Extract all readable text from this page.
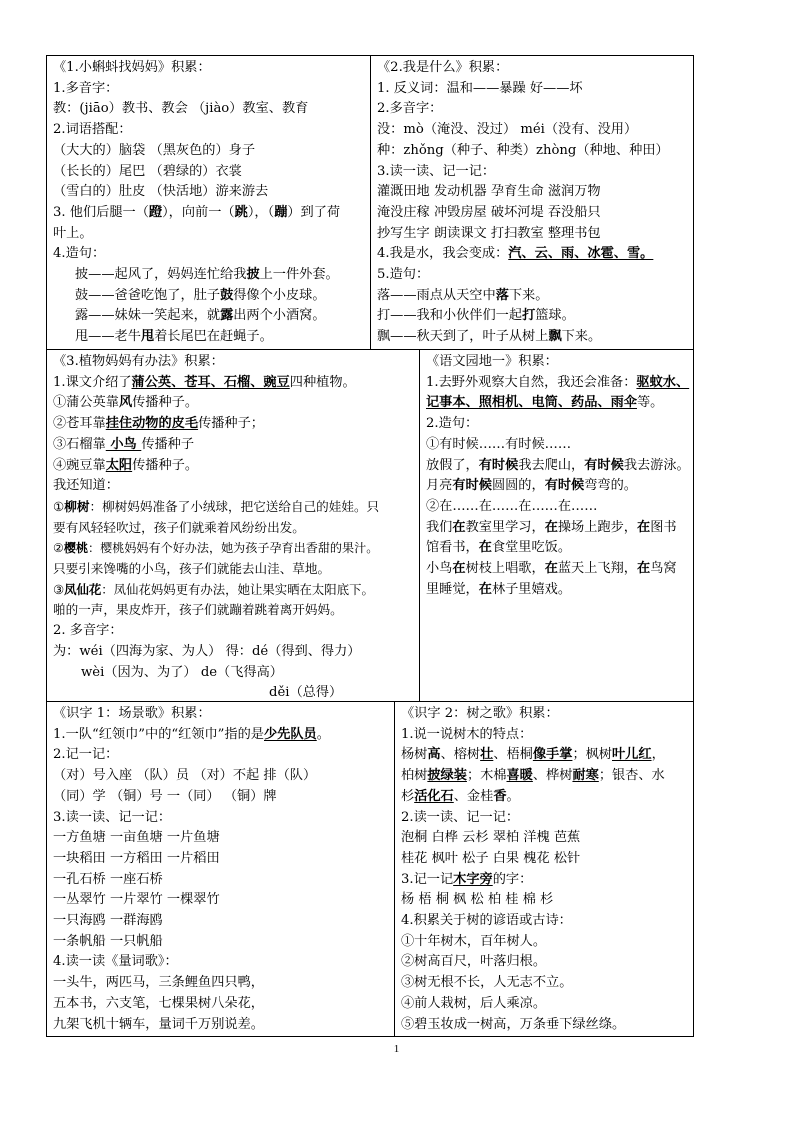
《1.小蝌蚪找妈妈》积累：
1.多音字：
教：(jiāo）教书、教会 （jiào）教室、教育
2.词语搭配：
（大大的）脑袋 （黑灰色的）身子
（长长的）尾巴 （碧绿的）衣裳
（雪白的）肚皮 （快活地）游来游去
3. 他们后腿一（蹬），向前一（跳），（蹦）到了荷
叶上。
4.造句：
披——起风了，妈妈连忙给我披上一件外套。
鼓——爸爸吃饱了，肚子鼓得像个小皮球。
露——妹妹一笑起来，就露出两个小酒窝。
甩——老牛甩着长尾巴在赶蝇子。
《2.我是什么》积累：
1. 反义词：温和——暴躁 好——坏
2.多音字：
没：mò（淹没、没过） méi（没有、没用）
种：zhǒng（种子、种类）zhòng（种地、种田）
3.读一读、记一记：
灌溉田地 发动机器 孕育生命 滋润万物
淹没庄稼 冲毁房屋 破坏河堤 吞没船只
抄写生字 朗读课文 打扫教室 整理书包
4.我是水，我会变成：汽、云、雨、冰雹、雪。
5.造句：
落——雨点从天空中落下来。
打——我和小伙伴们一起打篮球。
飘——秋天到了，叶子从树上飘下来。
《3.植物妈妈有办法》积累：
1.课文介绍了蒲公英、苍耳、石榴、豌豆四种植物。
①蒲公英靠风传播种子。
②苍耳靠挂住动物的皮毛传播种子；
③石榴靠 小鸟 传播种子
④豌豆靠太阳传播种子。
我还知道：
①柳树：柳树妈妈准备了小绒球，把它送给自己的娃娃。只
要有风轻轻吹过，孩子们就乘着风纷纷出发。
②樱桃：樱桃妈妈有个好办法，她为孩子孕育出香甜的果汁。
只要引来馋嘴的小鸟，孩子们就能去山洼、草地。
③凤仙花：凤仙花妈妈更有办法，她让果实晒在太阳底下。
啪的一声，果皮炸开，孩子们就蹦着跳着离开妈妈。
2. 多音字：
为：wéi（四海为家、为人） 得：dé（得到、得力）
wèi（因为、为了） de（飞得高）
děi（总得）
《语文园地一》积累：
1.去野外观察大自然，我还会准备：驱蚊水、
记事本、照相机、电筒、药品、雨伞等。
2.造句：
①有时候……有时候……
放假了，有时候我去爬山，有时候我去游泳。
月亮有时候圆圆的，有时候弯弯的。
②在……在……在……在……
我们在教室里学习，在操场上跑步，在图书
馆看书，在食堂里吃饭。
小鸟在树枝上唱歌，在蓝天上飞翔，在鸟窝
里睡觉，在林子里嬉戏。
《识字 1：场景歌》积累：
1.一队“红领巾”中的“红领巾”指的是少先队员。
2.记一记：
（对）号入座 （队）员 （对）不起 排（队）
（同）学 （铜）号 一（同） （铜）牌
3.读一读、记一记：
一方鱼塘 一亩鱼塘 一片鱼塘
一块稻田 一方稻田 一片稻田
一孔石桥 一座石桥
一丛翠竹 一片翠竹 一棵翠竹
一只海鸥 一群海鸥
一条帆船 一只帆船
4.读一读《量词歌》：
一头牛，两匹马，三条鲤鱼四只鸭，
五本书，六支笔，七棵果树八朵花，
九架飞机十辆车，量词千万别说差。
《识字 2：树之歌》积累：
1.说一说树木的特点：
杨树高、榕树壮、梧桐像手掌；枫树叶儿红，
柏树披绿装；木棉喜暖、桦树耐寒；银杏、水
杉活化石、金桂香。
2.读一读、记一记：
泡桐 白桦 云杉 翠柏 洋槐 芭蕉
桂花 枫叶 松子 白果 槐花 松针
3.记一记木字旁的字：
杨 梧 桐 枫 松 柏 桂 棉 杉
4.积累关于树的谚语或古诗：
①十年树木，百年树人。
②树高百尺，叶落归根。
③树无根不长，人无志不立。
④前人栽树，后人乘凉。
⑤碧玉妆成一树高，万条垂下绿丝绦。
1
